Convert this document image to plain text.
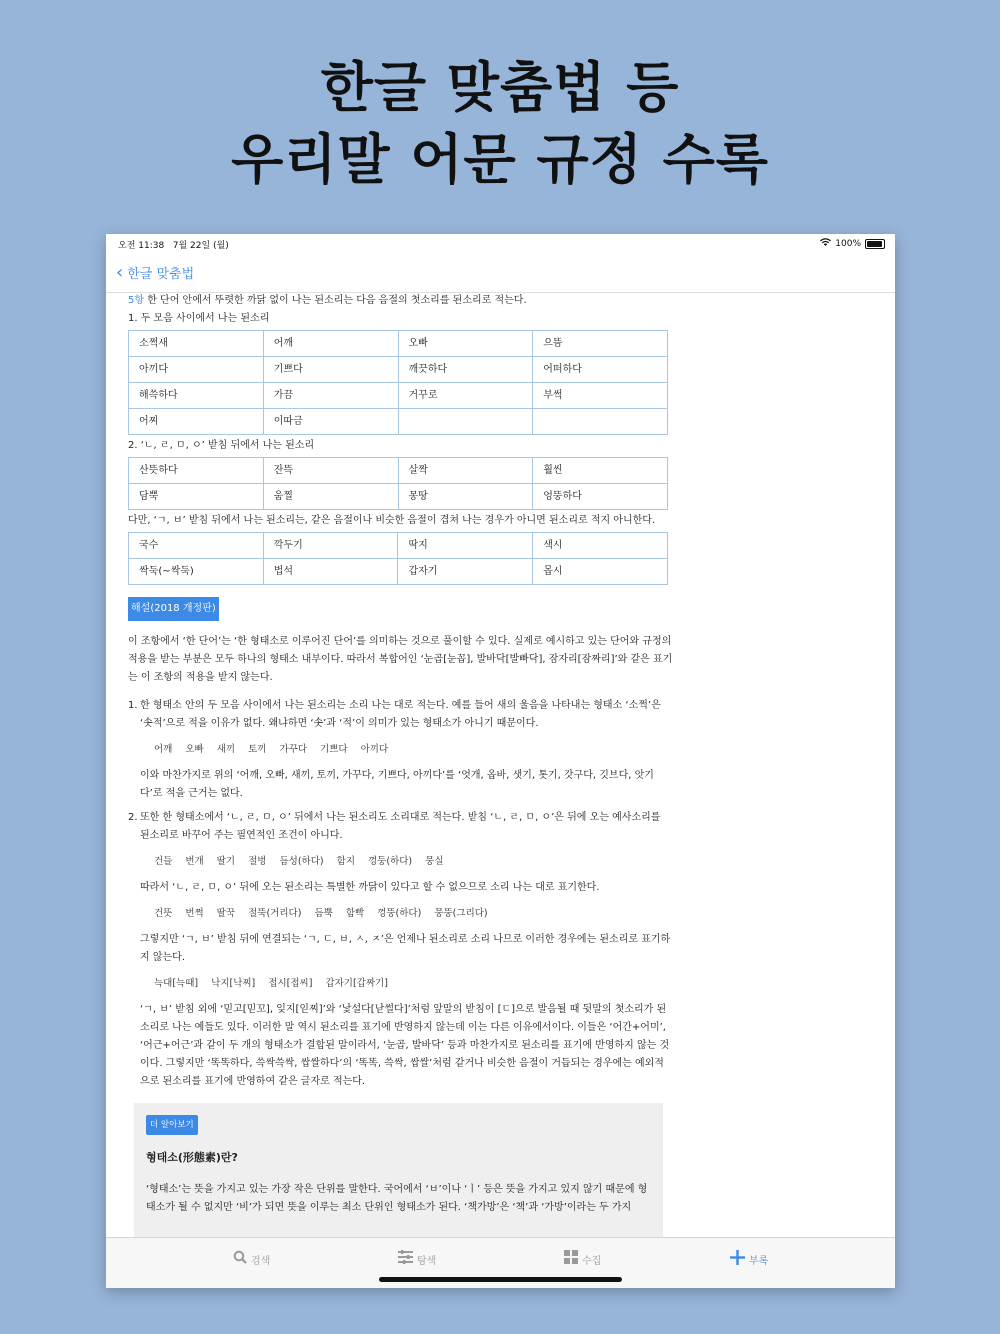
한글 맞춤법 등
우리말 어문 규정 수록
오전 11:38 7월 22일 (월)	100%
‹ 한글 맞춤법
5항 한 단어 안에서 뚜렷한 까닭 없이 나는 된소리는 다음 음절의 첫소리를 된소리로 적는다.
1. 두 모음 사이에서 나는 된소리
소쩍새	어깨	오빠	으뜸
아끼다	기쁘다	깨끗하다	어떠하다
해쓱하다	가끔	거꾸로	부썩
어찌	이따금		
2. ‘ㄴ, ㄹ, ㅁ, ㅇ’ 받침 뒤에서 나는 된소리
산뜻하다	잔뜩	살짝	훨씬
담뿍	움찔	몽땅	엉뚱하다
다만, ‘ㄱ, ㅂ’ 받침 뒤에서 나는 된소리는, 같은 음절이나 비슷한 음절이 겹쳐 나는 경우가 아니면 된소리로 적지 아니한다.
국수	깍두기	딱지	색시
싹둑(~싹둑)	법석	갑자기	몹시
해설(2018 개정판)
이 조항에서 ‘한 단어’는 ‘한 형태소로 이루어진 단어’를 의미하는 것으로 풀이할 수 있다. 실제로 예시하고 있는 단어와 규정의 적용을 받는 부분은 모두 하나의 형태소 내부이다. 따라서 복합어인 ‘눈곱[눈꼽], 발바닥[발빠닥], 잠자리[잠짜리]’와 같은 표기는 이 조항의 적용을 받지 않는다.
1. 한 형태소 안의 두 모음 사이에서 나는 된소리는 소리 나는 대로 적는다. 예를 들어 새의 울음을 나타내는 형태소 ‘소쩍’은 ‘솟적’으로 적을 이유가 없다. 왜냐하면 ‘솟’과 ‘적’이 의미가 있는 형태소가 아니기 때문이다.
어깨 오빠 새끼 토끼 가꾸다 기쁘다 아끼다
이와 마찬가지로 위의 ‘어깨, 오빠, 새끼, 토끼, 가꾸다, 기쁘다, 아끼다’를 ‘엇개, 옵바, 샛기, 톳기, 갓구다, 깃브다, 앗기다’로 적을 근거는 없다.
2. 또한 한 형태소에서 ‘ㄴ, ㄹ, ㅁ, ㅇ’ 뒤에서 나는 된소리도 소리대로 적는다. 받침 ‘ㄴ, ㄹ, ㅁ, ㅇ’은 뒤에 오는 예사소리를 된소리로 바꾸어 주는 필연적인 조건이 아니다.
건들 번개 딸기 절벙 듬성(하다) 함지 껑둥(하다) 뭉실
따라서 ‘ㄴ, ㄹ, ㅁ, ㅇ’ 뒤에 오는 된소리는 특별한 까닭이 있다고 할 수 없으므로 소리 나는 대로 표기한다.
건뜻 번쩍 딸꾹 절뚝(거리다) 듬뿍 함빡 껑뚱(하다) 뭉뚱(그리다)
그렇지만 ‘ㄱ, ㅂ’ 받침 뒤에 연결되는 ‘ㄱ, ㄷ, ㅂ, ㅅ, ㅈ’은 언제나 된소리로 소리 나므로 이러한 경우에는 된소리로 표기하지 않는다.
늑대[늑때] 낙지[낙찌] 접시[접씨] 갑자기[갑짜기]
‘ㄱ, ㅂ’ 받침 외에 ‘믿고[믿꼬], 잊지[읻찌]’와 ‘낯설다[낟썰다]’처럼 앞말의 받침이 [ㄷ]으로 발음될 때 뒷말의 첫소리가 된소리로 나는 예들도 있다. 이러한 말 역시 된소리를 표기에 반영하지 않는데 이는 다른 이유에서이다. 이들은 ‘어간+어미’, ‘어근+어근’과 같이 두 개의 형태소가 결합된 말이라서, ‘눈곱, 발바닥’ 등과 마찬가지로 된소리를 표기에 반영하지 않는 것이다. 그렇지만 ‘똑똑하다, 쓱싹쓱싹, 쌉쌀하다’의 ‘똑똑, 쓱싹, 쌉쌀’처럼 같거나 비슷한 음절이 거듭되는 경우에는 예외적으로 된소리를 표기에 반영하여 같은 글자로 적는다.
더 알아보기
형태소(形態素)란?
‘형태소’는 뜻을 가지고 있는 가장 작은 단위를 말한다. 국어에서 ‘ㅂ’이나 ‘ㅣ’ 등은 뜻을 가지고 있지 않기 때문에 형태소가 될 수 없지만 ‘비’가 되면 뜻을 이루는 최소 단위인 형태소가 된다. ‘책가방’은 ‘책’과 ‘가방’이라는 두 가지
검색	탐색	수집	부록
